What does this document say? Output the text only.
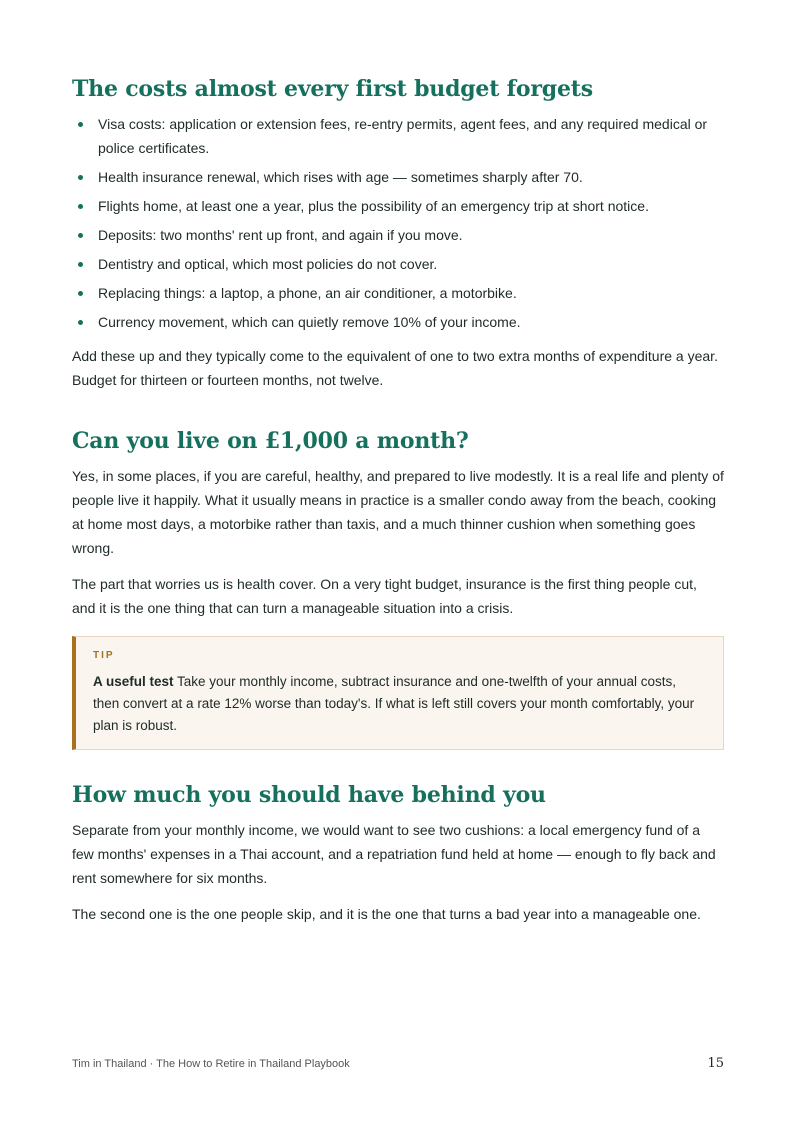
The costs almost every first budget forgets
Visa costs: application or extension fees, re-entry permits, agent fees, and any required medical or police certificates.
Health insurance renewal, which rises with age — sometimes sharply after 70.
Flights home, at least one a year, plus the possibility of an emergency trip at short notice.
Deposits: two months' rent up front, and again if you move.
Dentistry and optical, which most policies do not cover.
Replacing things: a laptop, a phone, an air conditioner, a motorbike.
Currency movement, which can quietly remove 10% of your income.

Add these up and they typically come to the equivalent of one to two extra months of expenditure a year. Budget for thirteen or fourteen months, not twelve.

Can you live on £1,000 a month?

Yes, in some places, if you are careful, healthy, and prepared to live modestly. It is a real life and plenty of people live it happily. What it usually means in practice is a smaller condo away from the beach, cooking at home most days, a motorbike rather than taxis, and a much thinner cushion when something goes wrong.

The part that worries us is health cover. On a very tight budget, insurance is the first thing people cut, and it is the one thing that can turn a manageable situation into a crisis.

TIP

A useful test Take your monthly income, subtract insurance and one-twelfth of your annual costs, then convert at a rate 12% worse than today's. If what is left still covers your month comfortably, your plan is robust.

How much you should have behind you

Separate from your monthly income, we would want to see two cushions: a local emergency fund of a few months' expenses in a Thai account, and a repatriation fund held at home — enough to fly back and rent somewhere for six months.

The second one is the one people skip, and it is the one that turns a bad year into a manageable one.

Tim in Thailand · The How to Retire in Thailand Playbook	15
